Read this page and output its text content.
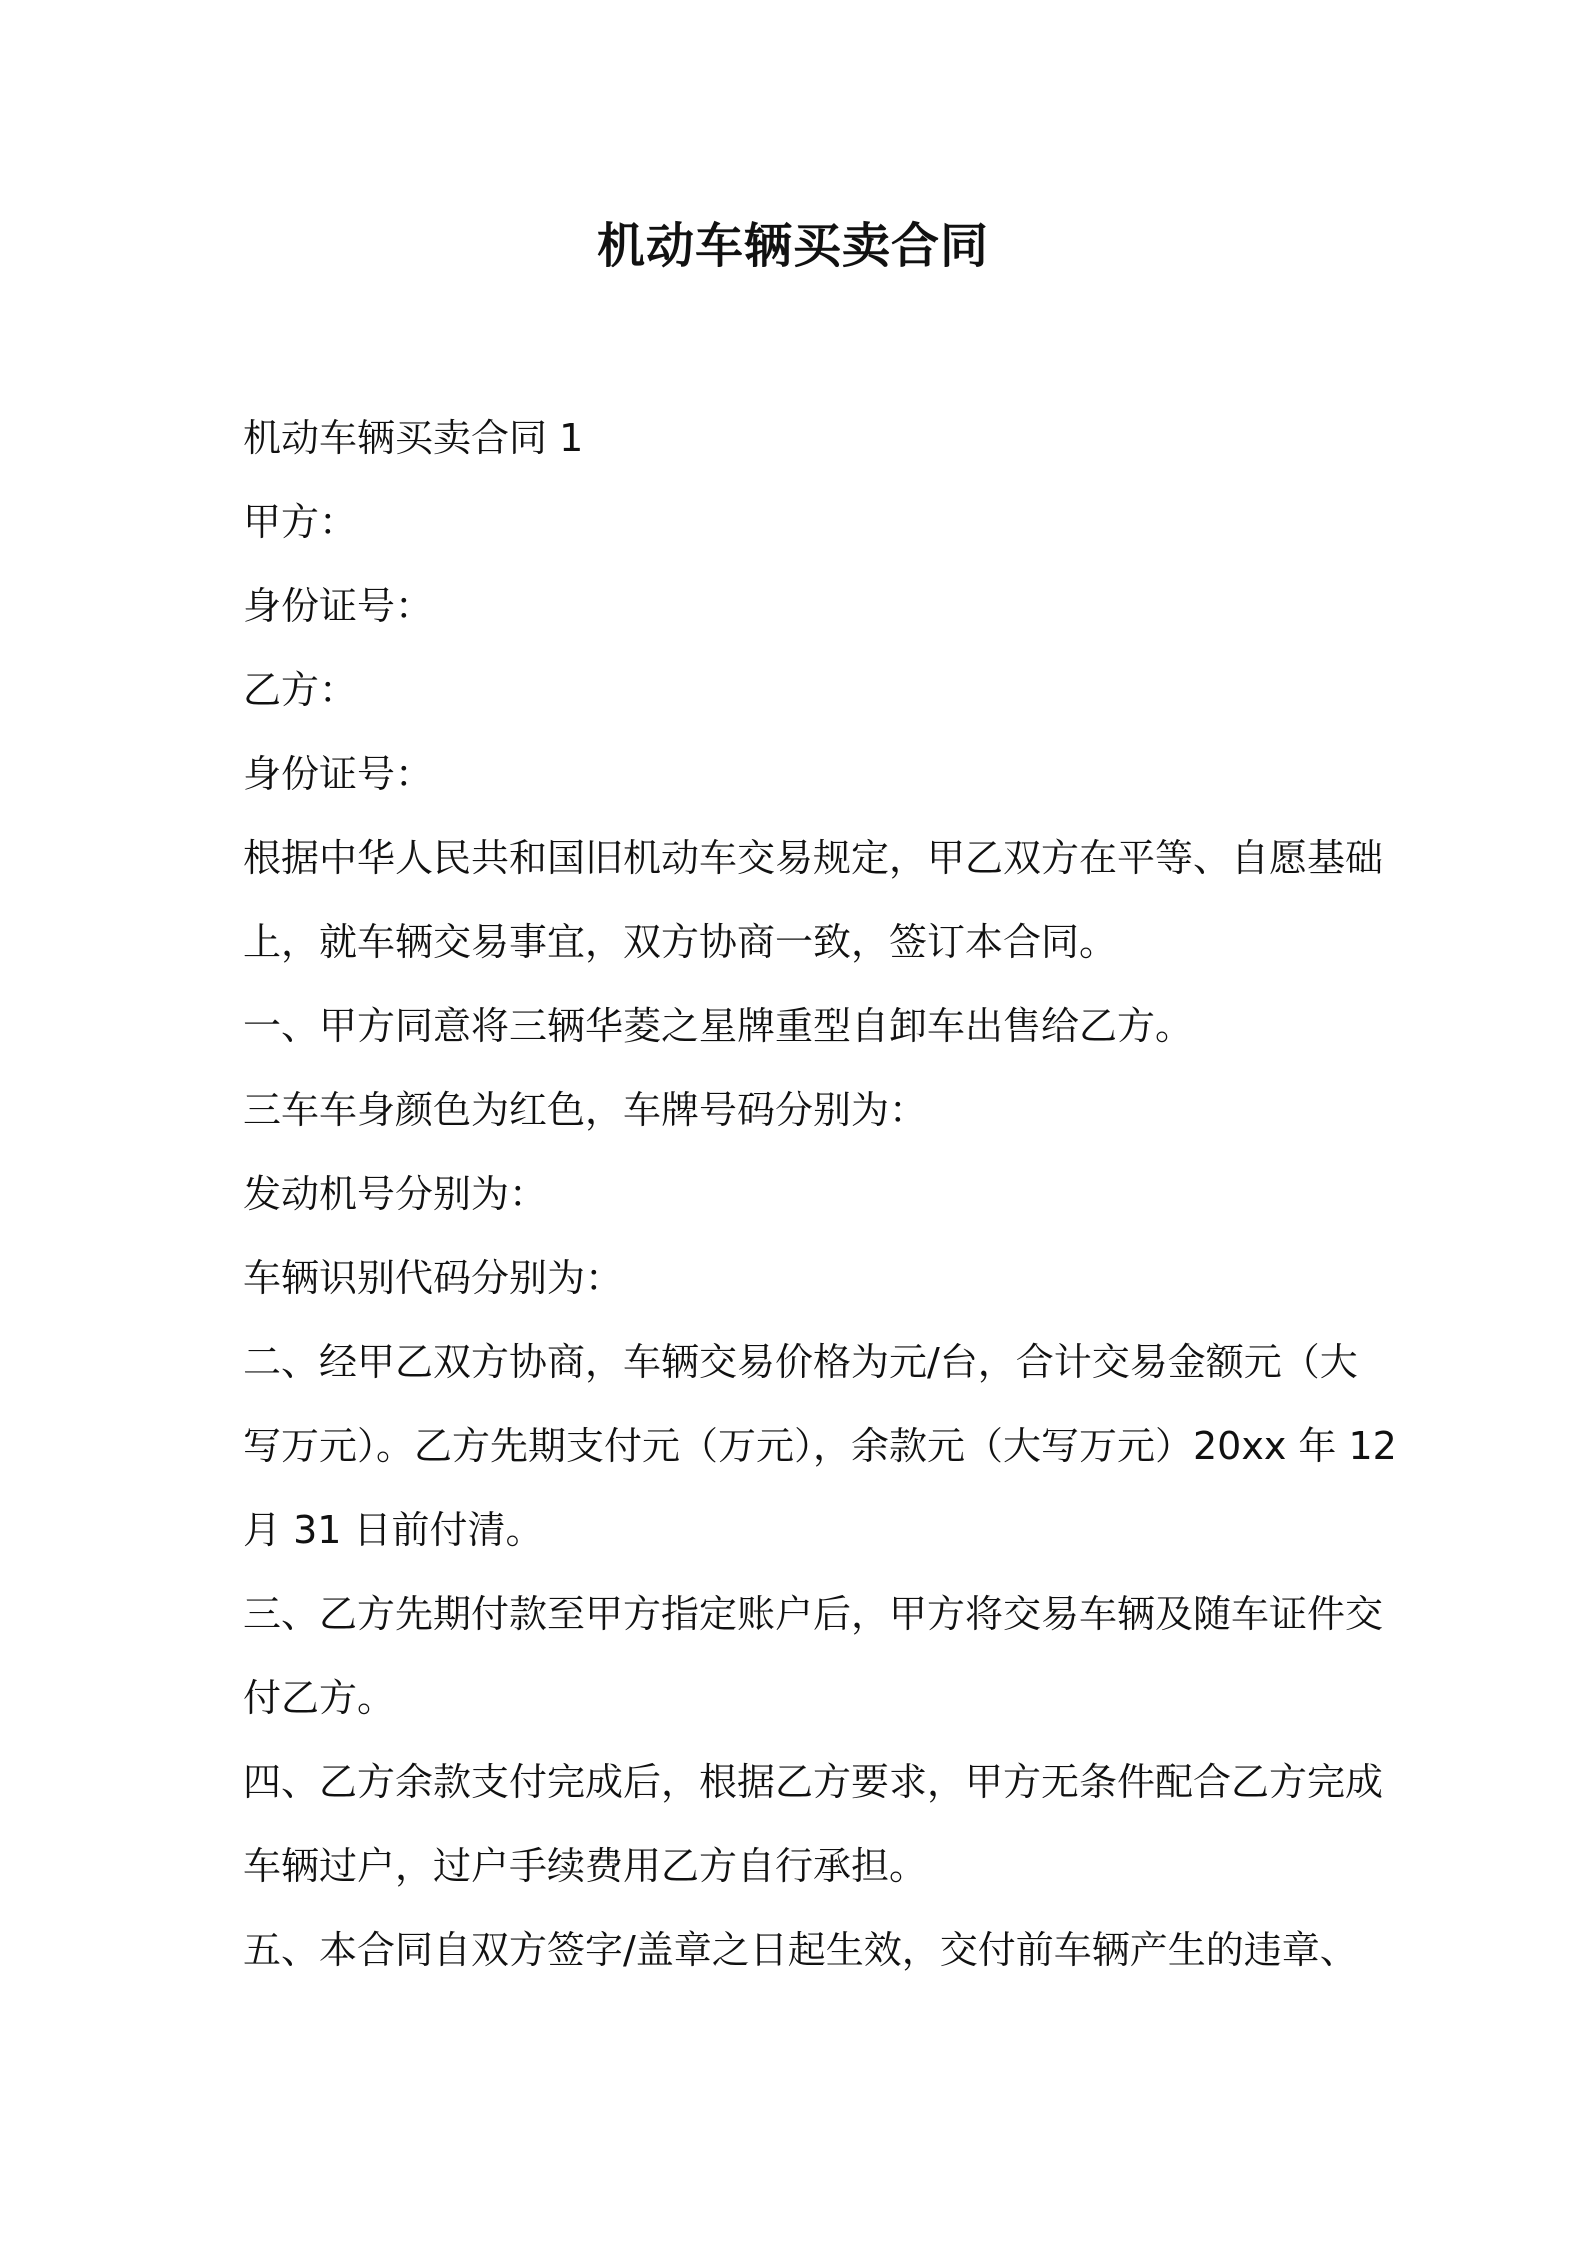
机动车辆买卖合同
机动车辆买卖合同 1
甲方：
身份证号：
乙方：
身份证号：
根据中华人民共和国旧机动车交易规定，甲乙双方在平等、自愿基础
上，就车辆交易事宜，双方协商一致，签订本合同。
一、甲方同意将三辆华菱之星牌重型自卸车出售给乙方。
三车车身颜色为红色，车牌号码分别为：
发动机号分别为：
车辆识别代码分别为：
二、经甲乙双方协商，车辆交易价格为元/台，合计交易金额元（大
写万元）。乙方先期支付元（万元），余款元（大写万元）20xx 年 12
月 31 日前付清。
三、乙方先期付款至甲方指定账户后，甲方将交易车辆及随车证件交
付乙方。
四、乙方余款支付完成后，根据乙方要求，甲方无条件配合乙方完成
车辆过户，过户手续费用乙方自行承担。
五、本合同自双方签字/盖章之日起生效，交付前车辆产生的违章、
